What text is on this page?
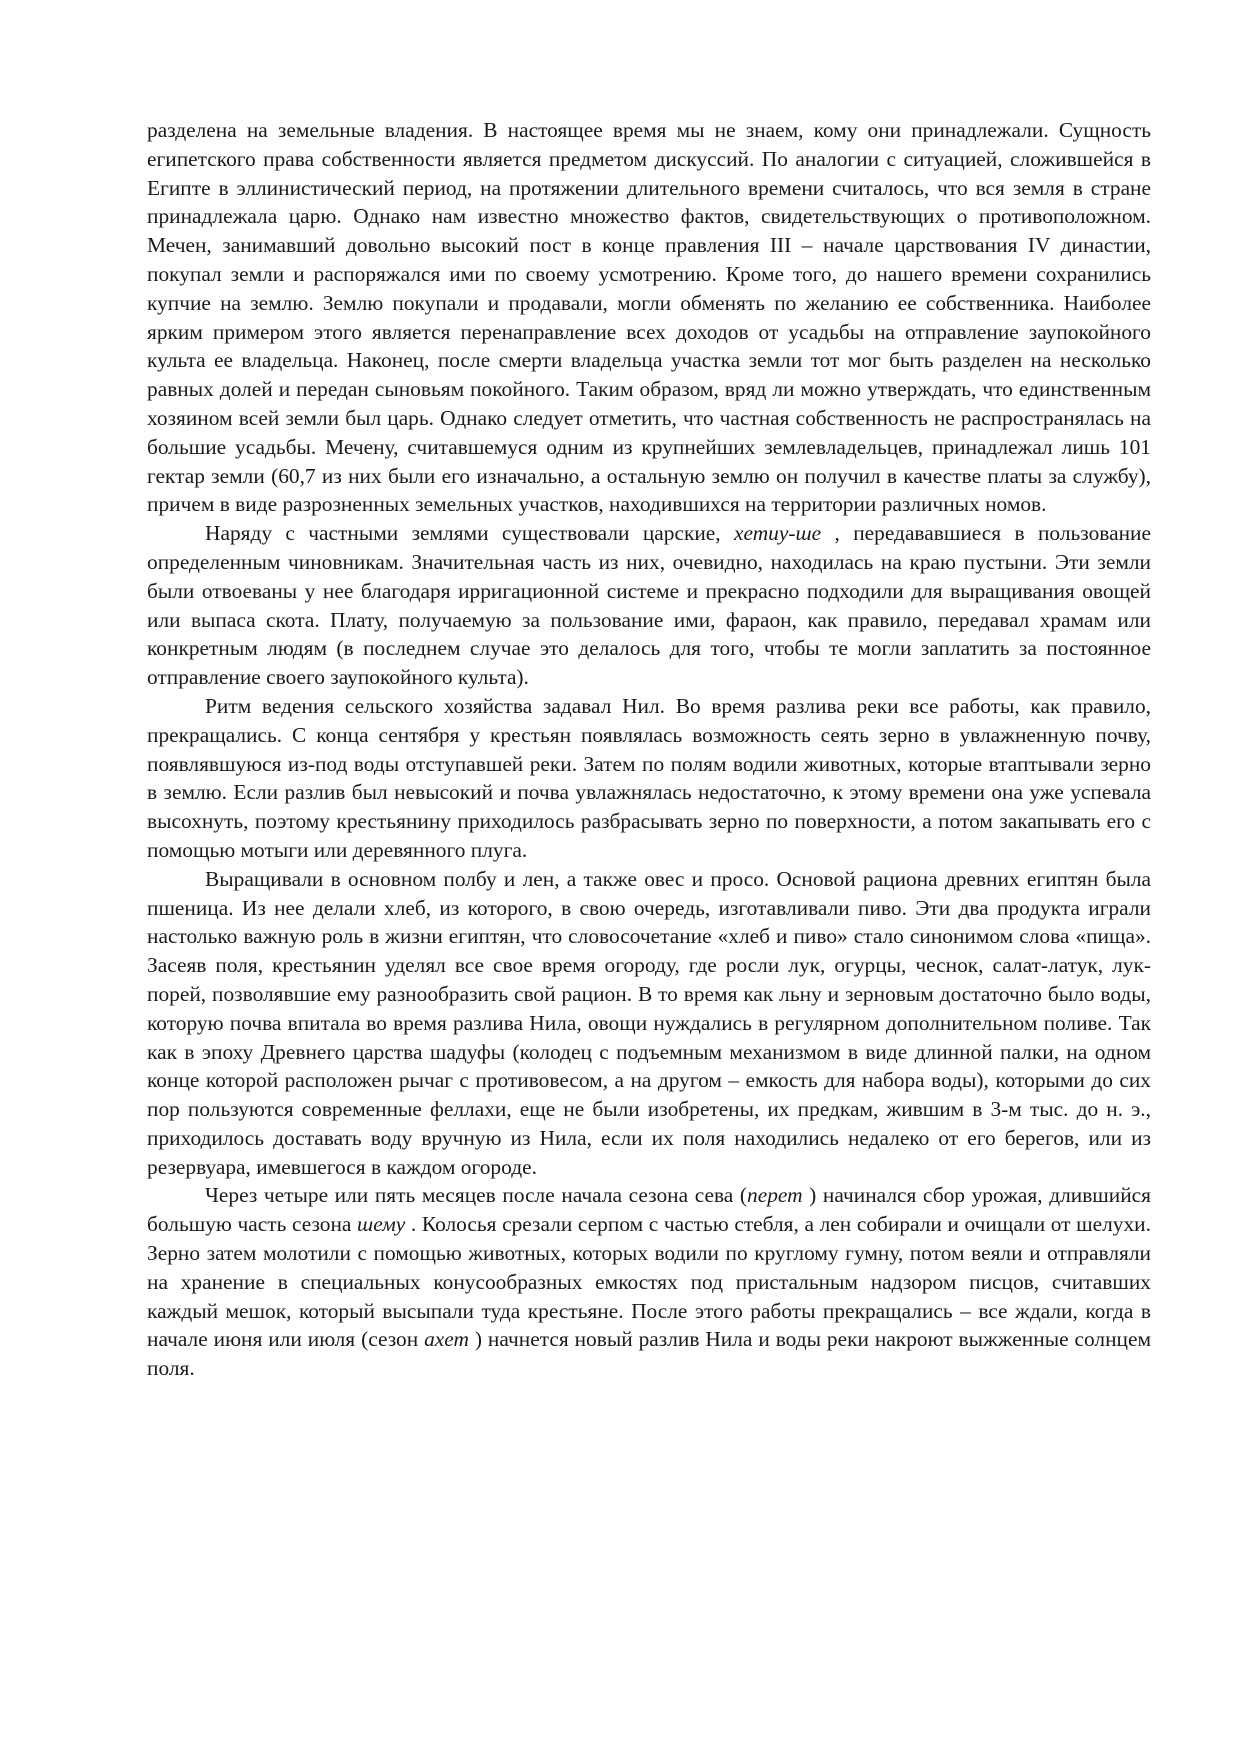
разделена на земельные владения. В настоящее время мы не знаем, кому они принадлежали. Сущность египетского права собственности является предметом дискуссий. По аналогии с ситуацией, сложившейся в Египте в эллинистический период, на протяжении длительного времени считалось, что вся земля в стране принадлежала царю. Однако нам известно множество фактов, свидетельствующих о противоположном. Мечен, занимавший довольно высокий пост в конце правления III – начале царствования IV династии, покупал земли и распоряжался ими по своему усмотрению. Кроме того, до нашего времени сохранились купчие на землю. Землю покупали и продавали, могли обменять по желанию ее собственника. Наиболее ярким примером этого является перенаправление всех доходов от усадьбы на отправление заупокойного культа ее владельца. Наконец, после смерти владельца участка земли тот мог быть разделен на несколько равных долей и передан сыновьям покойного. Таким образом, вряд ли можно утверждать, что единственным хозяином всей земли был царь. Однако следует отметить, что частная собственность не распространялась на большие усадьбы. Мечену, считавшемуся одним из крупнейших землевладельцев, принадлежал лишь 101 гектар земли (60,7 из них были его изначально, а остальную землю он получил в качестве платы за службу), причем в виде разрозненных земельных участков, находившихся на территории различных номов.

Наряду с частными землями существовали царские, хетиу-ше , передававшиеся в пользование определенным чиновникам. Значительная часть из них, очевидно, находилась на краю пустыни. Эти земли были отвоеваны у нее благодаря ирригационной системе и прекрасно подходили для выращивания овощей или выпаса скота. Плату, получаемую за пользование ими, фараон, как правило, передавал храмам или конкретным людям (в последнем случае это делалось для того, чтобы те могли заплатить за постоянное отправление своего заупокойного культа).

Ритм ведения сельского хозяйства задавал Нил. Во время разлива реки все работы, как правило, прекращались. С конца сентября у крестьян появлялась возможность сеять зерно в увлажненную почву, появлявшуюся из-под воды отступавшей реки. Затем по полям водили животных, которые втаптывали зерно в землю. Если разлив был невысокий и почва увлажнялась недостаточно, к этому времени она уже успевала высохнуть, поэтому крестьянину приходилось разбрасывать зерно по поверхности, а потом закапывать его с помощью мотыги или деревянного плуга.

Выращивали в основном полбу и лен, а также овес и просо. Основой рациона древних египтян была пшеница. Из нее делали хлеб, из которого, в свою очередь, изготавливали пиво. Эти два продукта играли настолько важную роль в жизни египтян, что словосочетание «хлеб и пиво» стало синонимом слова «пища». Засеяв поля, крестьянин уделял все свое время огороду, где росли лук, огурцы, чеснок, салат-латук, лук-порей, позволявшие ему разнообразить свой рацион. В то время как льну и зерновым достаточно было воды, которую почва впитала во время разлива Нила, овощи нуждались в регулярном дополнительном поливе. Так как в эпоху Древнего царства шадуфы (колодец с подъемным механизмом в виде длинной палки, на одном конце которой расположен рычаг с противовесом, а на другом – емкость для набора воды), которыми до сих пор пользуются современные феллахи, еще не были изобретены, их предкам, жившим в 3-м тыс. до н. э., приходилось доставать воду вручную из Нила, если их поля находились недалеко от его берегов, или из резервуара, имевшегося в каждом огороде.

Через четыре или пять месяцев после начала сезона сева (перет ) начинался сбор урожая, длившийся большую часть сезона шему . Колосья срезали серпом с частью стебля, а лен собирали и очищали от шелухи. Зерно затем молотили с помощью животных, которых водили по круглому гумну, потом веяли и отправляли на хранение в специальных конусообразных емкостях под пристальным надзором писцов, считавших каждый мешок, который высыпали туда крестьяне. После этого работы прекращались – все ждали, когда в начале июня или июля (сезон ахет ) начнется новый разлив Нила и воды реки накроют выжженные солнцем поля.
